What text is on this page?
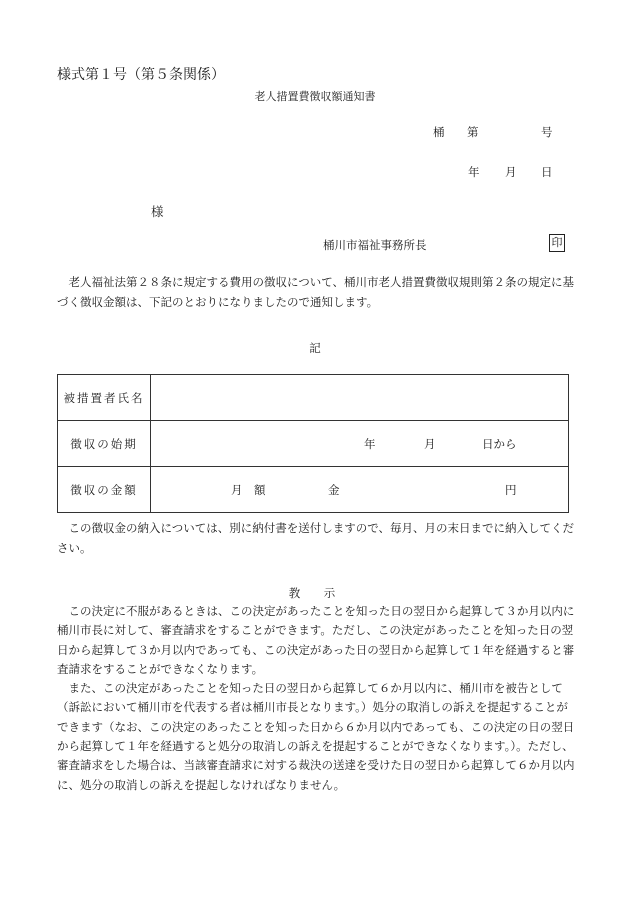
様式第１号（第５条関係）
老人措置費徴収額通知書
桶 第	号
年 月 日
様
桶川市福祉事務所長	印

老人福祉法第２８条に規定する費用の徴収について、桶川市老人措置費徴収規則第２条の規定に基づく徴収金額は、下記のとおりになりましたので通知します。

記
被措置者氏名	
徴収の始期	年 月 日から

徴収の金額	月　額 金 円

この徴収金の納入については、別に納付書を送付しますので、毎月、月の末日までに納入してください。

教　示

この決定に不服があるときは、この決定があったことを知った日の翌日から起算して３か月以内に桶川市長に対して、審査請求をすることができます。ただし、この決定があったことを知った日の翌日から起算して３か月以内であっても、この決定があった日の翌日から起算して１年を経過すると審査請求をすることができなくなります。

また、この決定があったことを知った日の翌日から起算して６か月以内に、桶川市を被告として（訴訟において桶川市を代表する者は桶川市長となります。）処分の取消しの訴えを提起することができます（なお、この決定のあったことを知った日から６か月以内であっても、この決定の日の翌日から起算して１年を経過すると処分の取消しの訴えを提起することができなくなります。）。ただし、審査請求をした場合は、当該審査請求に対する裁決の送達を受けた日の翌日から起算して６か月以内に、処分の取消しの訴えを提起しなければなりません。
